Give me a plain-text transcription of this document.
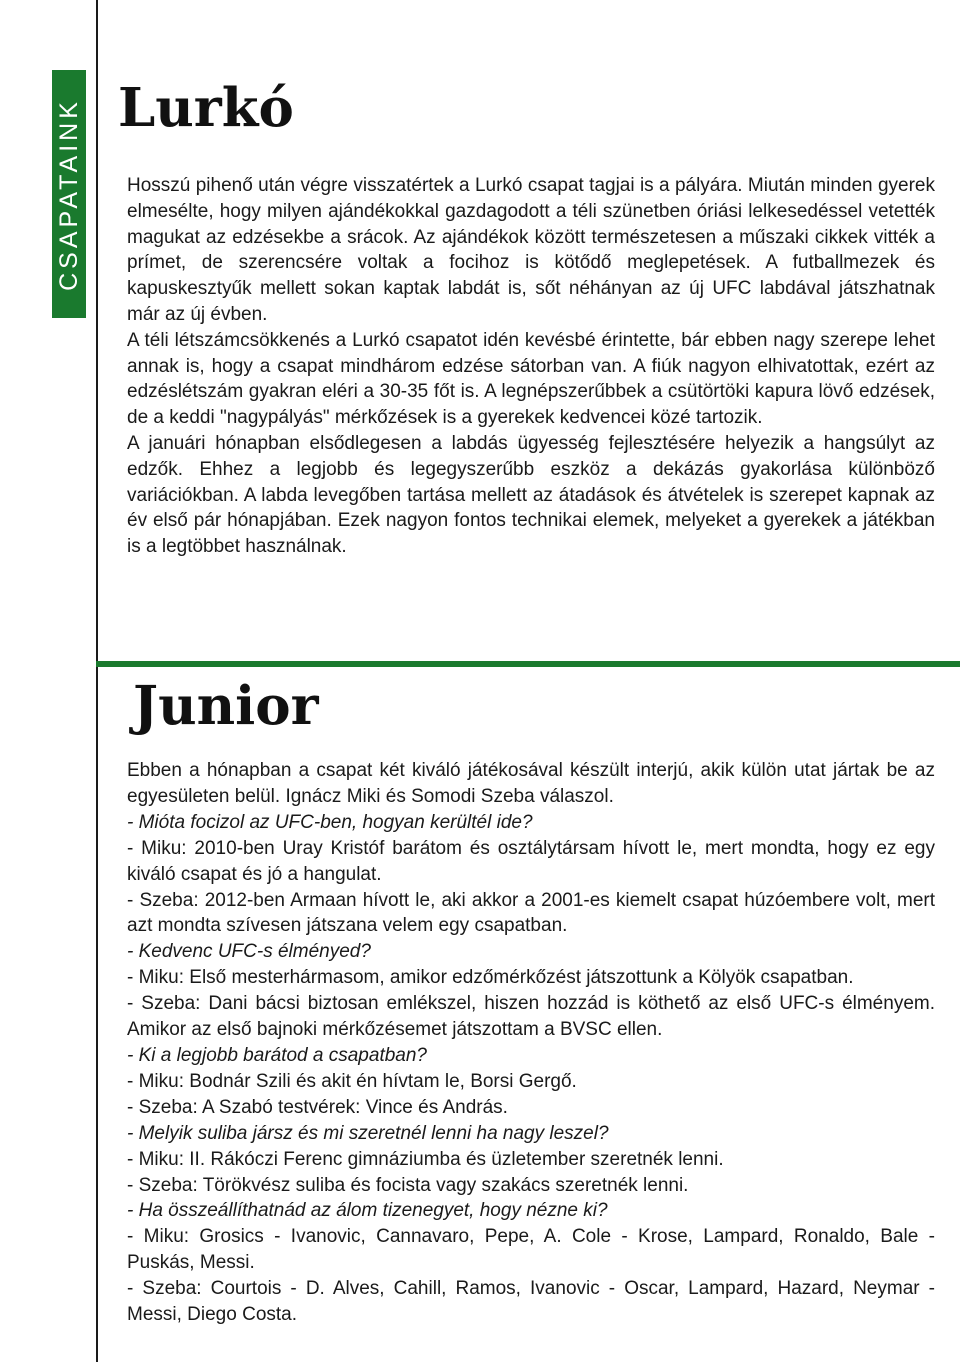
CSAPATAINK Lurkó

Hosszú pihenő után végre visszatértek a Lurkó csapat tagjai is a pályára. Miután minden gyerek elmesélte, hogy milyen ajándékokkal gazdagodott a téli szünetben óriási lelkesedéssel vetették magukat az edzésekbe a srácok. Az ajándékok között természetesen a műszaki cikkek vitték a prímet, de szerencsére voltak a focihoz is kötődő meglepetések. A futballmezek és kapuskesztyűk mellett sokan kaptak labdát is, sőt néhányan az új UFC labdával játszhatnak már az új évben.

A téli létszámcsökkenés a Lurkó csapatot idén kevésbé érintette, bár ebben nagy szerepe lehet annak is, hogy a csapat mindhárom edzése sátorban van. A fiúk nagyon elhivatottak, ezért az edzéslétszám gyakran eléri a 30-35 főt is. A legnépszerűbbek a csütörtöki kapura lövő edzések, de a keddi "nagypályás" mérkőzések is a gyerekek kedvencei közé tartozik.

A januári hónapban elsődlegesen a labdás ügyesség fejlesztésére helyezik a hangsúlyt az edzők. Ehhez a legjobb és legegyszerűbb eszköz a dekázás gyakorlása különböző variációkban. A labda levegőben tartása mellett az átadások és átvételek is szerepet kapnak az év első pár hónapjában. Ezek nagyon fontos technikai elemek, melyeket a gyerekek a játékban is a legtöbbet használnak.

Junior

Ebben a hónapban a csapat két kiváló játékosával készült interjú, akik külön utat jártak be az egyesületen belül. Ignácz Miki és Somodi Szeba válaszol.

- Mióta focizol az UFC-ben, hogyan kerültél ide?

- Miku: 2010-ben Uray Kristóf barátom és osztálytársam hívott le, mert mondta, hogy ez egy kiváló csapat és jó a hangulat.

- Szeba: 2012-ben Armaan hívott le, aki akkor a 2001-es kiemelt csapat húzóembere volt, mert azt mondta szívesen játszana velem egy csapatban.

- Kedvenc UFC-s élményed?

- Miku: Első mesterhármasom, amikor edzőmérkőzést játszottunk a Kölyök csapatban.

- Szeba: Dani bácsi biztosan emlékszel, hiszen hozzád is köthető az első UFC-s élményem. Amikor az első bajnoki mérkőzésemet játszottam a BVSC ellen.

- Ki a legjobb barátod a csapatban?

- Miku: Bodnár Szili és akit én hívtam le, Borsi Gergő.

- Szeba: A Szabó testvérek: Vince és András.

- Melyik suliba jársz és mi szeretnél lenni ha nagy leszel?

- Miku: II. Rákóczi Ferenc gimnáziumba és üzletember szeretnék lenni.

- Szeba: Törökvész suliba és focista vagy szakács szeretnék lenni.

- Ha összeállíthatnád az álom tizenegyet, hogy nézne ki?

- Miku: Grosics - Ivanovic, Cannavaro, Pepe, A. Cole - Krose, Lampard, Ronaldo, Bale - Puskás, Messi.

- Szeba: Courtois - D. Alves, Cahill, Ramos, Ivanovic - Oscar, Lampard, Hazard, Neymar - Messi, Diego Costa.
